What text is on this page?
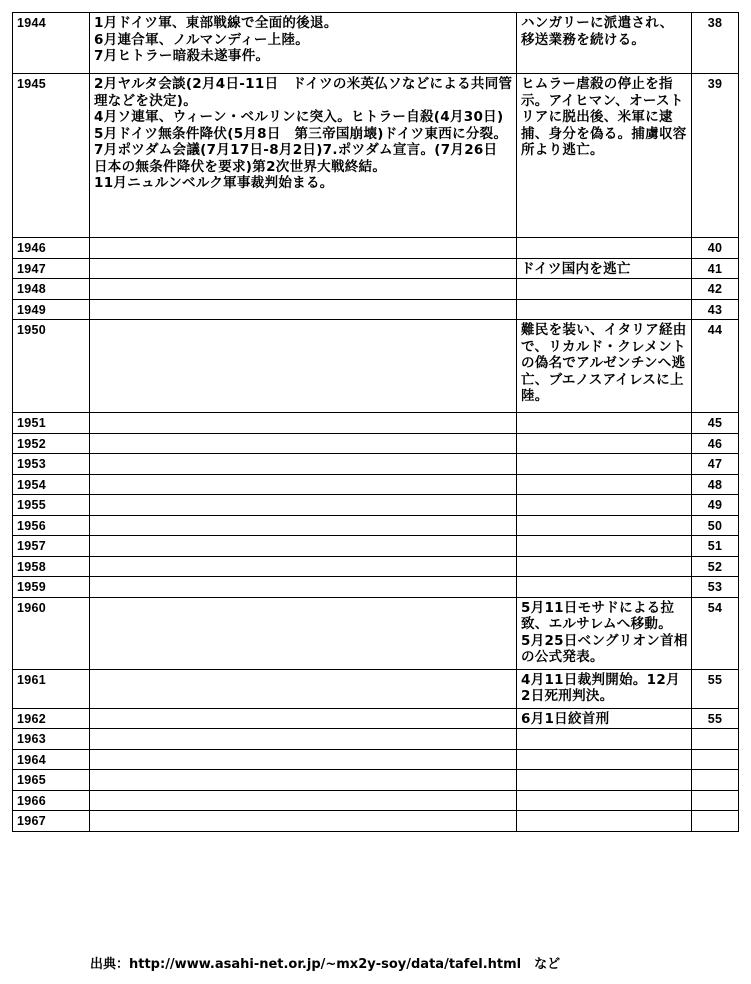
1944	1月ドイツ軍、東部戦線で全面的後退。
6月連合軍、ノルマンディー上陸。
7月ヒトラー暗殺未遂事件。	ハンガリーに派遣され、
移送業務を続ける。	38
1945	2月ヤルタ会談(2月4日-11日　ドイツの米英仏ソなどによる共同管理などを決定)。
4月ソ連軍、ウィーン・ベルリンに突入。ヒトラー自殺(4月30日)
5月ドイツ無条件降伏(5月8日　第三帝国崩壊)ドイツ東西に分裂。
7月ポツダム会議(7月17日-8月2日)7.ポツダム宣言。(7月26日　日本の無条件降伏を要求)第2次世界大戦終結。
11月ニュルンベルク軍事裁判始まる。	ヒムラー虐殺の停止を指示。アイヒマン、オーストリアに脱出後、米軍に逮捕、身分を偽る。捕虜収容所より逃亡。	39
1946			40
1947		ドイツ国内を逃亡	41
1948			42
1949			43
1950		難民を装い、イタリア経由で、リカルド・クレメントの偽名でアルゼンチンへ逃亡、ブエノスアイレスに上陸。	44
1951			45
1952			46
1953			47
1954			48
1955			49
1956			50
1957			51
1958			52
1959			53
1960		5月11日モサドによる拉致、エルサレムへ移動。
5月25日ベングリオン首相の公式発表。	54
1961		4月11日裁判開始。12月2日死刑判決。	55
1962		6月1日絞首刑	55
1963			
1964			
1965			
1966			
1967			
出典：http://www.asahi-net.or.jp/~mx2y-soy/data/tafel.html　など
